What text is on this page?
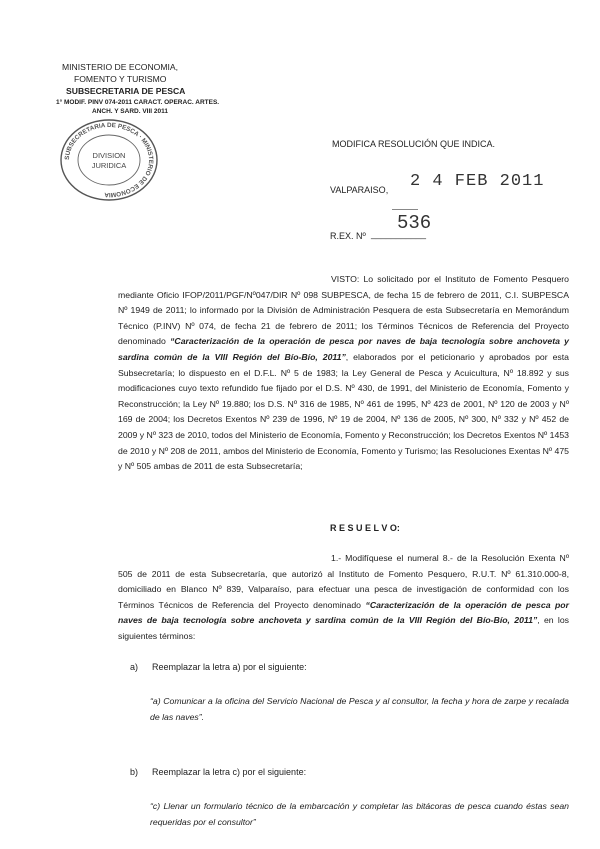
MINISTERIO DE ECONOMIA,
FOMENTO Y TURISMO
SUBSECRETARIA DE PESCA
1° MODIF. PINV 074-2011 CARACT. OPERAC. ARTES.
ANCH. Y SARD. VIII 2011
SUBSECRETARIA DE PESCA · MINISTERIO DE ECONOMIA
DIVISION
JURIDICA
MODIFICA RESOLUCIÓN QUE INDICA.
VALPARAISO, 2 4 FEB 2011
536
R.EX. Nº ___________
VISTO: Lo solicitado por el Instituto de Fomento Pesquero mediante Oficio IFOP/2011/PGF/Nº047/DIR Nº 098 SUBPESCA, de fecha 15 de febrero de 2011, C.I. SUBPESCA Nº 1949 de 2011; lo informado por la División de Administración Pesquera de esta Subsecretaría en Memorándum Técnico (P.INV) Nº 074, de fecha 21 de febrero de 2011; los Términos Técnicos de Referencia del Proyecto denominado “Caracterización de la operación de pesca por naves de baja tecnología sobre anchoveta y sardina común de la VIII Región del Bío-Bío, 2011”, elaborados por el peticionario y aprobados por esta Subsecretaría; lo dispuesto en el D.F.L. Nº 5 de 1983; la Ley General de Pesca y Acuicultura, Nº 18.892 y sus modificaciones cuyo texto refundido fue fijado por el D.S. Nº 430, de 1991, del Ministerio de Economía, Fomento y Reconstrucción; la Ley Nº 19.880; los D.S. Nº 316 de 1985, Nº 461 de 1995, Nº 423 de 2001, Nº 120 de 2003 y Nº 169 de 2004; los Decretos Exentos Nº 239 de 1996, Nº 19 de 2004, Nº 136 de 2005, Nº 300, Nº 332 y Nº 452 de 2009 y Nº 323 de 2010, todos del Ministerio de Economía, Fomento y Reconstrucción; los Decretos Exentos Nº 1453 de 2010 y Nº 208 de 2011, ambos del Ministerio de Economía, Fomento y Turismo; las Resoluciones Exentas Nº 475 y Nº 505 ambas de 2011 de esta Subsecretaría;
R E S U E L V O:
1.- Modifíquese el numeral 8.- de la Resolución Exenta Nº 505 de 2011 de esta Subsecretaría, que autorizó al Instituto de Fomento Pesquero, R.U.T. Nº 61.310.000-8, domiciliado en Blanco Nº 839, Valparaíso, para efectuar una pesca de investigación de conformidad con los Términos Técnicos de Referencia del Proyecto denominado “Caracterización de la operación de pesca por naves de baja tecnología sobre anchoveta y sardina común de la VIII Región del Bío-Bío, 2011”, en los siguientes términos:
a) Reemplazar la letra a) por el siguiente:
“a) Comunicar a la oficina del Servicio Nacional de Pesca y al consultor, la fecha y hora de zarpe y recalada de las naves”.
b) Reemplazar la letra c) por el siguiente:
“c) Llenar un formulario técnico de la embarcación y completar las bitácoras de pesca cuando éstas sean requeridas por el consultor”
